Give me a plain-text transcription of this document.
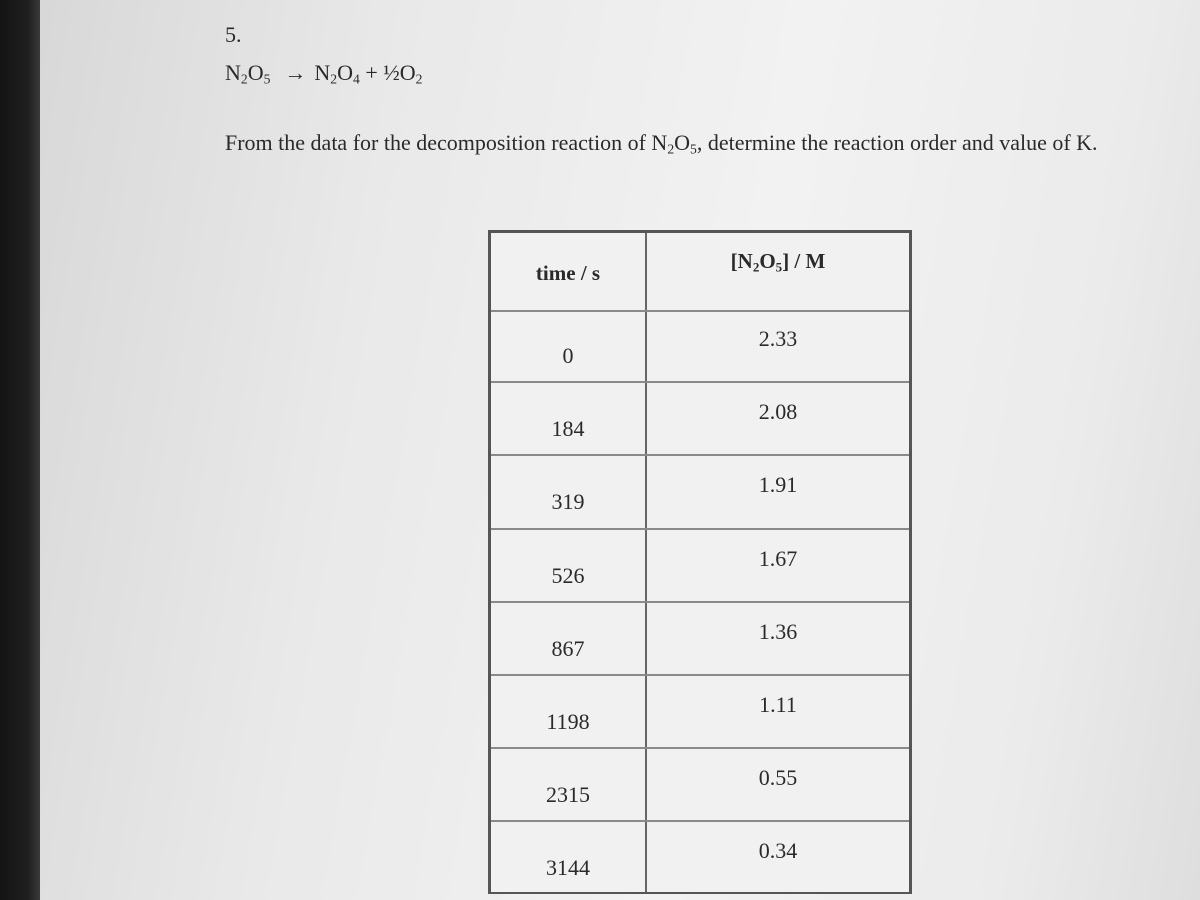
5.
$N_2O_5 \to N_2O_4$ + $\frac{1}{2}O_2$
From the data for the decomposition reaction of $N_2O_5$, determine the reaction order and value of K.
time / s	$[N_2O_5]$ / M
0
2.33
184
2.08
319
1.91
526
1.67
867
1.36
1198
1.11
2315
0.55
3144
0.34
